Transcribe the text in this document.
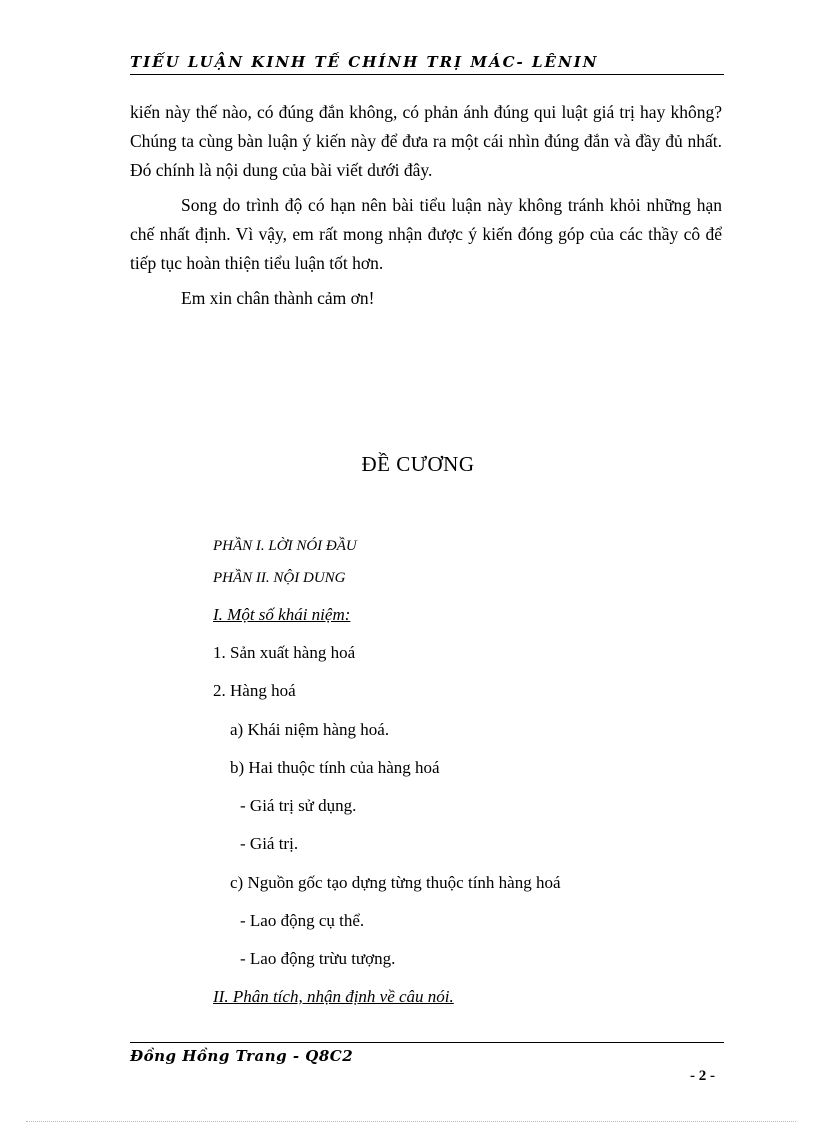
TIỂU LUẬN KINH TẾ CHÍNH TRỊ MÁC- LÊNIN

kiến này thế nào, có đúng đắn không, có phản ánh đúng qui luật giá trị hay không? Chúng ta cùng bàn luận ý kiến này để đưa ra một cái nhìn đúng đắn và đầy đủ nhất. Đó chính là nội dung của bài viết dưới đây.

Song do trình độ có hạn nên bài tiểu luận này không tránh khỏi những hạn chế nhất định. Vì vậy, em rất mong nhận được ý kiến đóng góp của các thầy cô để tiếp tục hoàn thiện tiểu luận tốt hơn.

Em xin chân thành cảm ơn!

ĐỀ CƯƠNG
PHẦN I. LỜI NÓI ĐẦU
PHẦN II. NỘI DUNG
I. Một số khái niệm:
1. Sản xuất hàng hoá
2. Hàng hoá
a) Khái niệm hàng hoá.
b) Hai thuộc tính của hàng hoá
- Giá trị sử dụng.
- Giá trị.
c) Nguồn gốc tạo dựng từng thuộc tính hàng hoá
- Lao động cụ thể.
- Lao động trừu tượng.
II. Phân tích, nhận định về câu nói.
Đồng Hồng Trang - Q8C2
- 2 -
